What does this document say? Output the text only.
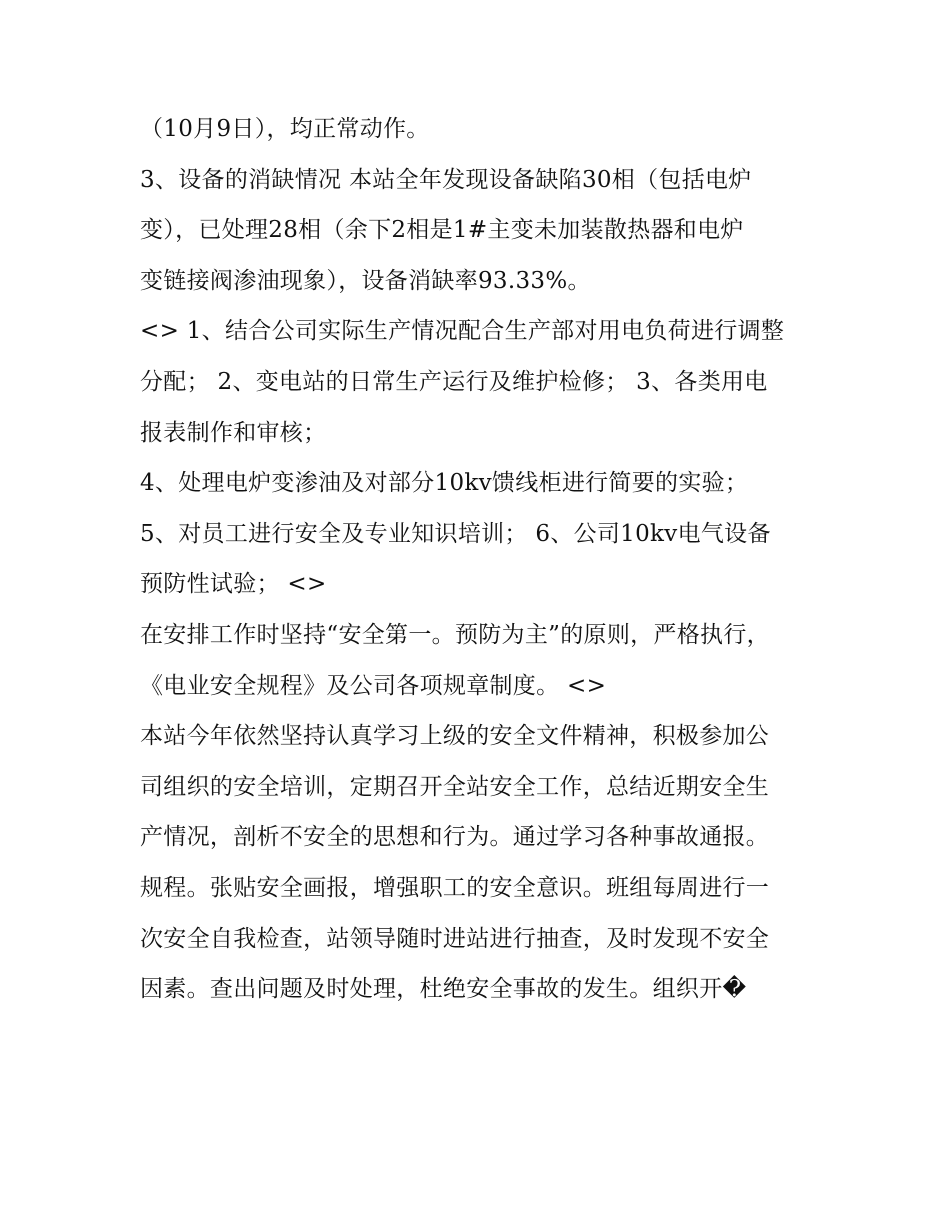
（10月9日），均正常动作。
3、设备的消缺情况 本站全年发现设备缺陷30相（包括电炉
变），已处理28相（余下2相是1#主变未加装散热器和电炉
变链接阀渗油现象），设备消缺率93.33%。
<> 1、结合公司实际生产情况配合生产部对用电负荷进行调整
分配； 2、变电站的日常生产运行及维护检修； 3、各类用电
报表制作和审核；
4、处理电炉变渗油及对部分10kv馈线柜进行简要的实验；
5、对员工进行安全及专业知识培训； 6、公司10kv电气设备
预防性试验； <>
在安排工作时坚持“安全第一。预防为主”的原则，严格执行，
《电业安全规程》及公司各项规章制度。 <>
本站今年依然坚持认真学习上级的安全文件精神，积极参加公
司组织的安全培训，定期召开全站安全工作，总结近期安全生
产情况，剖析不安全的思想和行为。通过学习各种事故通报。
规程。张贴安全画报，增强职工的安全意识。班组每周进行一
次安全自我检查，站领导随时进站进行抽查，及时发现不安全
因素。查出问题及时处理，杜绝安全事故的发生。组织开�
